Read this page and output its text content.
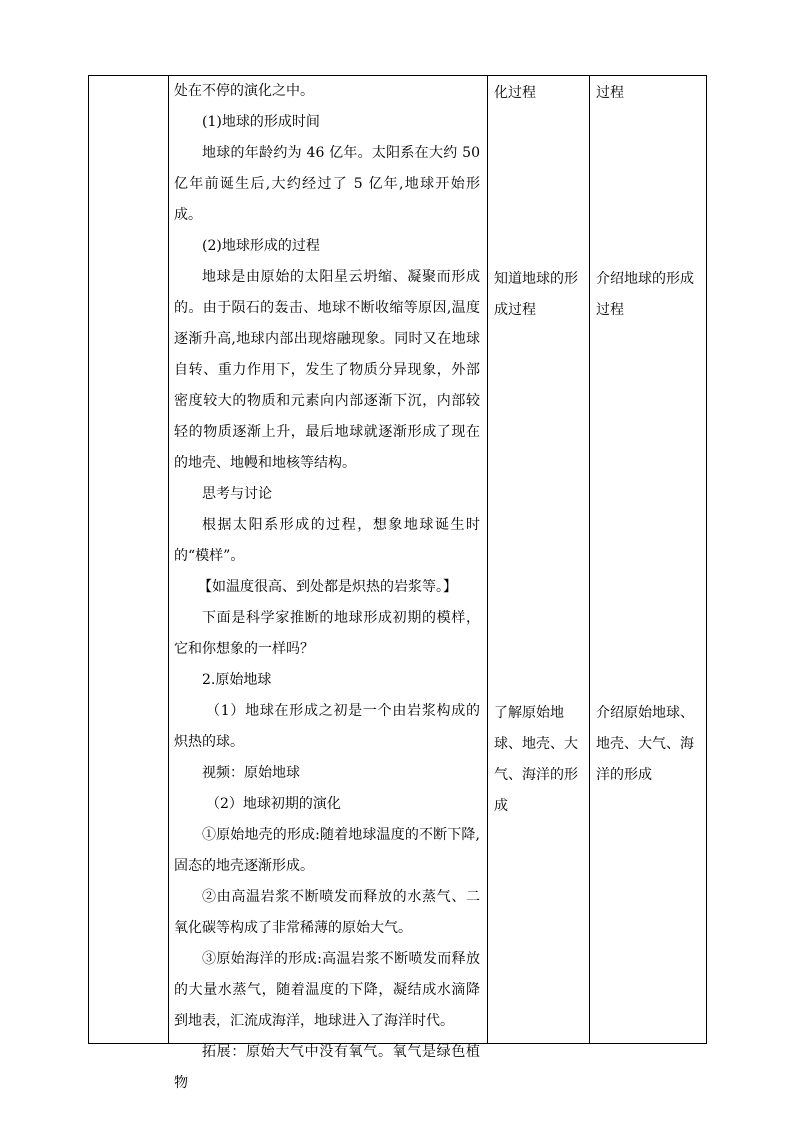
处在不停的演化之中。

(1)地球的形成时间

地球的年龄约为 46 亿年。太阳系在大约 50 亿年前诞生后,大约经过了 5 亿年,地球开始形成。

(2)地球形成的过程

地球是由原始的太阳星云坍缩、凝聚而形成的。由于陨石的轰击、地球不断收缩等原因,温度逐渐升高,地球内部出现熔融现象。同时又在地球自转、重力作用下，发生了物质分异现象，外部密度较大的物质和元素向内部逐渐下沉，内部较轻的物质逐渐上升，最后地球就逐渐形成了现在的地壳、地幔和地核等结构。

思考与讨论

根据太阳系形成的过程，想象地球诞生时的“模样”。

【如温度很高、到处都是炽热的岩浆等。】

下面是科学家推断的地球形成初期的模样，它和你想象的一样吗？

2.原始地球

（1）地球在形成之初是一个由岩浆构成的炽热的球。

视频：原始地球

（2）地球初期的演化

①原始地壳的形成:随着地球温度的不断下降,固态的地壳逐渐形成。

②由高温岩浆不断喷发而释放的水蒸气、二氧化碳等构成了非常稀薄的原始大气。

③原始海洋的形成:高温岩浆不断喷发而释放的大量水蒸气，随着温度的下降，凝结成水滴降到地表，汇流成海洋，地球进入了海洋时代。

拓展：原始大气中没有氧气。氧气是绿色植物

化过程

知道地球的形成过程

了解原始地球、地壳、大气、海洋的形成

过程

介绍地球的形成过程

介绍原始地球、地壳、大气、海洋的形成
